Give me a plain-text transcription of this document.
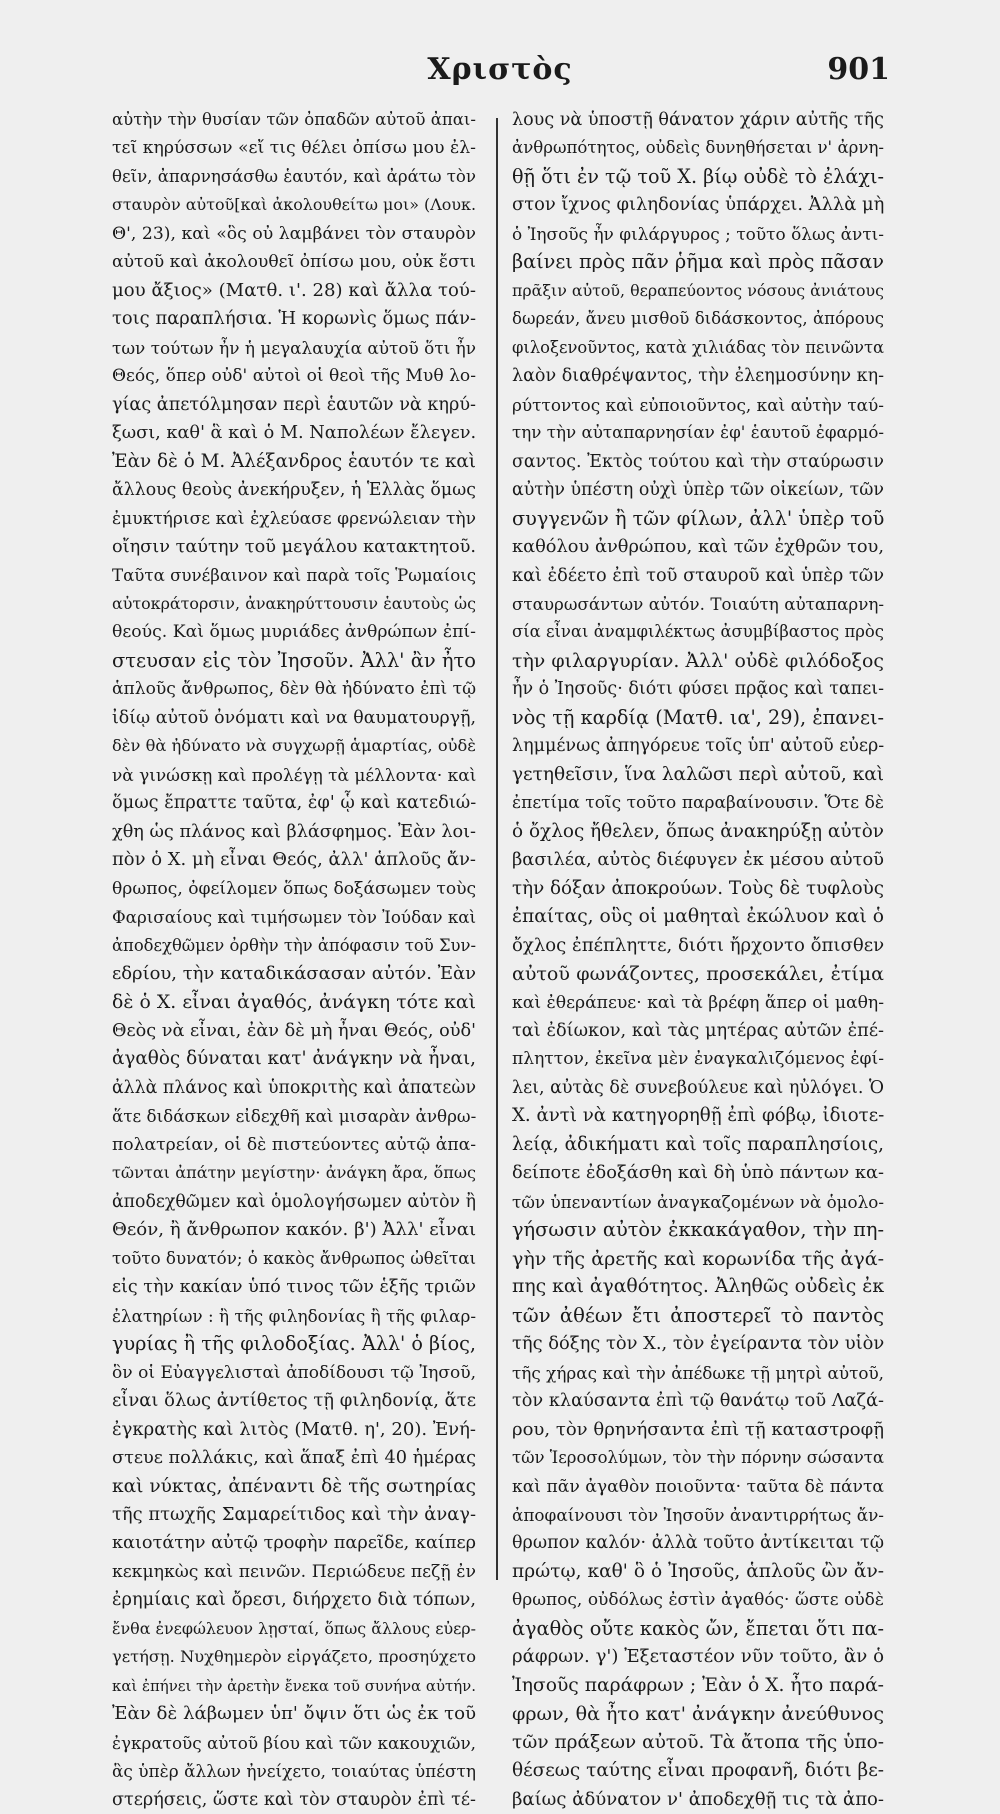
Χριστὸς	901
αὐτὴν τὴν θυσίαν τῶν ὀπαδῶν αὐτοῦ ἀπαι-
τεῖ κηρύσσων «εἴ τις θέλει ὀπίσω μου ἐλ-
θεῖν, ἀπαρνησάσθω ἑαυτόν, καὶ ἀράτω τὸν
σταυρὸν αὐτοῦ[καὶ ἀκολουθείτω μοι» (Λουκ.
Θ', 23), καὶ «ὃς οὐ λαμβάνει τὸν σταυρὸν
αὐτοῦ καὶ ἀκολουθεῖ ὀπίσω μου, οὐκ ἔστι
μου ἄξιος» (Ματθ. ι'. 28) καὶ ἄλλα τού-
τοις παραπλήσια. Ἡ κορωνὶς ὅμως πάν-
των τούτων ἦν ἡ μεγαλαυχία αὐτοῦ ὅτι ἦν
Θεός, ὅπερ οὐδ' αὐτοὶ οἱ θεοὶ τῆς Μυθ λο-
γίας ἀπετόλμησαν περὶ ἑαυτῶν νὰ κηρύ-
ξωσι, καθ' ἃ καὶ ὁ Μ. Ναπολέων ἔλεγεν.
Ἐὰν δὲ ὁ Μ. Ἀλέξανδρος ἑαυτόν τε καὶ
ἄλλους θεοὺς ἀνεκήρυξεν, ἡ Ἑλλὰς ὅμως
ἐμυκτήρισε καὶ ἐχλεύασε φρενώλειαν τὴν
οἴησιν ταύτην τοῦ μεγάλου κατακτητοῦ.
Ταῦτα συνέβαινον καὶ παρὰ τοῖς Ῥωμαίοις
αὐτοκράτορσιν, ἀνακηρύττουσιν ἑαυτοὺς ὡς
θεούς. Καὶ ὅμως μυριάδες ἀνθρώπων ἐπί-
στευσαν εἰς τὸν Ἰησοῦν. Ἀλλ' ἂν ἦτο
ἁπλοῦς ἄνθρωπος, δὲν θὰ ἠδύνατο ἐπὶ τῷ
ἰδίῳ αὐτοῦ ὀνόματι καὶ να θαυματουργῇ,
δὲν θὰ ἠδύνατο νὰ συγχωρῇ ἁμαρτίας, οὐδὲ
νὰ γινώσκῃ καὶ προλέγῃ τὰ μέλλοντα· καὶ
ὅμως ἔπραττε ταῦτα, ἐφ' ᾧ καὶ κατεδιώ-
χθη ὡς πλάνος καὶ βλάσφημος. Ἐὰν λοι-
πὸν ὁ Χ. μὴ εἶναι Θεός, ἀλλ' ἁπλοῦς ἄν-
θρωπος, ὀφείλομεν ὅπως δοξάσωμεν τοὺς
Φαρισαίους καὶ τιμήσωμεν τὸν Ἰούδαν καὶ
ἀποδεχθῶμεν ὀρθὴν τὴν ἀπόφασιν τοῦ Συν-
εδρίου, τὴν καταδικάσασαν αὐτόν. Ἐὰν
δὲ ὁ Χ. εἶναι ἀγαθός, ἀνάγκη τότε καὶ
Θεὸς νὰ εἶναι, ἐὰν δὲ μὴ ἦναι Θεός, οὐδ'
ἀγαθὸς δύναται κατ' ἀνάγκην νὰ ἦναι,
ἀλλὰ πλάνος καὶ ὑποκριτὴς καὶ ἀπατεὼν
ἅτε διδάσκων εἰδεχθῆ καὶ μισαρὰν ἀνθρω-
πολατρείαν, οἱ δὲ πιστεύοντες αὐτῷ ἀπα-
τῶνται ἀπάτην μεγίστην· ἀνάγκη ἄρα, ὅπως
ἀποδεχθῶμεν καὶ ὁμολογήσωμεν αὐτὸν ἢ
Θεόν, ἢ ἄνθρωπον κακόν. β') Ἀλλ' εἶναι
τοῦτο δυνατόν; ὁ κακὸς ἄνθρωπος ὠθεῖται
εἰς τὴν κακίαν ὑπό τινος τῶν ἑξῆς τριῶν
ἐλατηρίων : ἢ τῆς φιληδονίας ἢ τῆς φιλαρ-
γυρίας ἢ τῆς φιλοδοξίας. Ἀλλ' ὁ βίος,
ὃν οἱ Εὐαγγελισταὶ ἀποδίδουσι τῷ Ἰησοῦ,
εἶναι ὅλως ἀντίθετος τῇ φιληδονίᾳ, ἅτε
ἐγκρατὴς καὶ λιτὸς (Ματθ. η', 20). Ἐνή-
στευε πολλάκις, καὶ ἅπαξ ἐπὶ 40 ἡμέρας
καὶ νύκτας, ἀπέναντι δὲ τῆς σωτηρίας
τῆς πτωχῆς Σαμαρείτιδος καὶ τὴν ἀναγ-
καιοτάτην αὐτῷ τροφὴν παρεῖδε, καίπερ
κεκμηκὼς καὶ πεινῶν. Περιώδευε πεζῇ ἐν
ἐρημίαις καὶ ὄρεσι, διήρχετο διὰ τόπων,
ἔνθα ἐνεφώλευον λῃσταί, ὅπως ἄλλους εὐερ-
γετήσῃ. Νυχθημερὸν εἰργάζετο, προσηύχετο
καὶ ἐπήνει τὴν ἀρετὴν ἔνεκα τοῦ συνήνα αὐτήν.
Ἐὰν δὲ λάβωμεν ὑπ' ὄψιν ὅτι ὡς ἐκ τοῦ
ἐγκρατοῦς αὐτοῦ βίου καὶ τῶν κακουχιῶν,
ἃς ὑπὲρ ἄλλων ἠνείχετο, τοιαύτας ὑπέστη
στερήσεις, ὥστε καὶ τὸν σταυρὸν ἐπὶ τέ-
λους νὰ ὑποστῇ θάνατον χάριν αὐτῆς τῆς
ἀνθρωπότητος, οὐδεὶς δυνηθήσεται ν' ἀρνη-
θῇ ὅτι ἐν τῷ τοῦ Χ. βίῳ οὐδὲ τὸ ἐλάχι-
στον ἴχνος φιληδονίας ὑπάρχει. Ἀλλὰ μὴ
ὁ Ἰησοῦς ἦν φιλάργυρος ; τοῦτο ὅλως ἀντι-
βαίνει πρὸς πᾶν ῥῆμα καὶ πρὸς πᾶσαν
πρᾶξιν αὐτοῦ, θεραπεύοντος νόσους ἀνιάτους
δωρεάν, ἄνευ μισθοῦ διδάσκοντος, ἀπόρους
φιλοξενοῦντος, κατὰ χιλιάδας τὸν πεινῶντα
λαὸν διαθρέψαντος, τὴν ἐλεημοσύνην κη-
ρύττοντος καὶ εὐποιοῦντος, καὶ αὐτὴν ταύ-
την τὴν αὐταπαρνησίαν ἐφ' ἑαυτοῦ ἐφαρμό-
σαντος. Ἐκτὸς τούτου καὶ τὴν σταύρωσιν
αὐτὴν ὑπέστη οὐχὶ ὑπὲρ τῶν οἰκείων, τῶν
συγγενῶν ἢ τῶν φίλων, ἀλλ' ὑπὲρ τοῦ
καθόλου ἀνθρώπου, καὶ τῶν ἐχθρῶν του,
καὶ ἐδέετο ἐπὶ τοῦ σταυροῦ καὶ ὑπὲρ τῶν
σταυρωσάντων αὐτόν. Τοιαύτη αὐταπαρνη-
σία εἶναι ἀναμφιλέκτως ἀσυμβίβαστος πρὸς
τὴν φιλαργυρίαν. Ἀλλ' οὐδὲ φιλόδοξος
ἦν ὁ Ἰησοῦς· διότι φύσει πρᾷος καὶ ταπει-
νὸς τῇ καρδίᾳ (Ματθ. ια', 29), ἐπανει-
λημμένως ἀπηγόρευε τοῖς ὑπ' αὐτοῦ εὐερ-
γετηθεῖσιν, ἵνα λαλῶσι περὶ αὐτοῦ, καὶ
ἐπετίμα τοῖς τοῦτο παραβαίνουσιν. Ὅτε δὲ
ὁ ὄχλος ἤθελεν, ὅπως ἀνακηρύξῃ αὐτὸν
βασιλέα, αὐτὸς διέφυγεν ἐκ μέσου αὐτοῦ
τὴν δόξαν ἀποκρούων. Τοὺς δὲ τυφλοὺς
ἐπαίτας, οὓς οἱ μαθηταὶ ἐκώλυον καὶ ὁ
ὄχλος ἐπέπληττε, διότι ἤρχοντο ὄπισθεν
αὐτοῦ φωνάζοντες, προσεκάλει, ἐτίμα
καὶ ἐθεράπευε· καὶ τὰ βρέφη ἅπερ οἱ μαθη-
ταὶ ἐδίωκον, καὶ τὰς μητέρας αὐτῶν ἐπέ-
πληττον, ἐκεῖνα μὲν ἐναγκαλιζόμενος ἐφί-
λει, αὐτὰς δὲ συνεβούλευε καὶ ηὐλόγει. Ὁ
Χ. ἀντὶ νὰ κατηγορηθῇ ἐπὶ φόβῳ, ἰδιοτε-
λείᾳ, ἀδικήματι καὶ τοῖς παραπλησίοις,
δείποτε ἐδοξάσθη καὶ δὴ ὑπὸ πάντων κα-
τῶν ὑπεναντίων ἀναγκαζομένων νὰ ὁμολο-
γήσωσιν αὐτὸν ἐκκακάγαθον, τὴν πη-
γὴν τῆς ἀρετῆς καὶ κορωνίδα τῆς ἀγά-
πης καὶ ἀγαθότητος. Ἀληθῶς οὐδεὶς ἐκ
τῶν ἀθέων ἔτι ἀποστερεῖ τὸ παντὸς
τῆς δόξης τὸν Χ., τὸν ἐγείραντα τὸν υἱὸν
τῆς χήρας καὶ τὴν ἀπέδωκε τῇ μητρὶ αὐτοῦ,
τὸν κλαύσαντα ἐπὶ τῷ θανάτῳ τοῦ Λαζά-
ρου, τὸν θρηνήσαντα ἐπὶ τῇ καταστροφῇ
τῶν Ἱεροσολύμων, τὸν τὴν πόρνην σώσαντα
καὶ πᾶν ἀγαθὸν ποιοῦντα· ταῦτα δὲ πάντα
ἀποφαίνουσι τὸν Ἰησοῦν ἀναντιρρήτως ἄν-
θρωπον καλόν· ἀλλὰ τοῦτο ἀντίκειται τῷ
πρώτῳ, καθ' ὃ ὁ Ἰησοῦς, ἁπλοῦς ὢν ἄν-
θρωπος, οὐδόλως ἐστὶν ἀγαθός· ὥστε οὐδὲ
ἀγαθὸς οὔτε κακὸς ὤν, ἔπεται ὅτι πα-
ράφρων. γ') Ἐξεταστέον νῦν τοῦτο, ἂν ὁ
Ἰησοῦς παράφρων ; Ἐὰν ὁ Χ. ἦτο παρά-
φρων, θὰ ἦτο κατ' ἀνάγκην ἀνεύθυνος
τῶν πράξεων αὐτοῦ. Τὰ ἄτοπα τῆς ὑπο-
θέσεως ταύτης εἶναι προφανῆ, διότι βε-
βαίως ἀδύνατον ν' ἀποδεχθῇ τις τὰ ἀπο-
